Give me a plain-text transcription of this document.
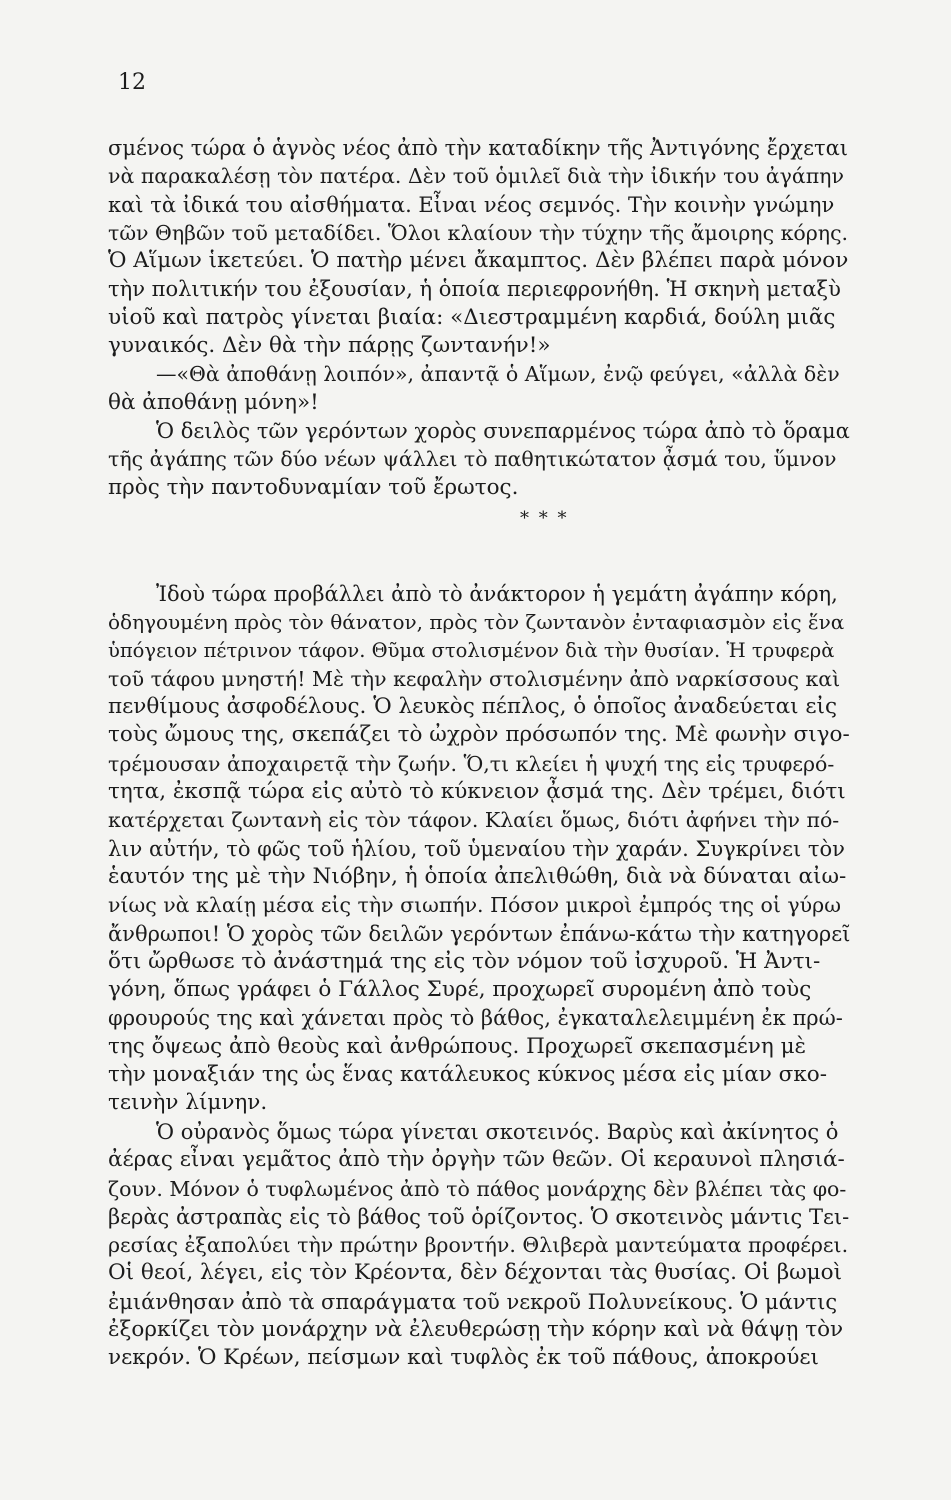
12
σμένος τώρα ὁ ἁγνὸς νέος ἀπὸ τὴν καταδίκην τῆς Ἀντιγόνης ἔρχεται
νὰ παρακαλέσῃ τὸν πατέρα. Δὲν τοῦ ὁμιλεῖ διὰ τὴν ἰδικήν του ἀγάπην
καὶ τὰ ἰδικά του αἰσθήματα. Εἶναι νέος σεμνός. Τὴν κοινὴν γνώμην
τῶν Θηβῶν τοῦ μεταδίδει. Ὅλοι κλαίουν τὴν τύχην τῆς ἄμοιρης κόρης.
Ὁ Αἵμων ἱκετεύει. Ὁ πατὴρ μένει ἄκαμπτος. Δὲν βλέπει παρὰ μόνον
τὴν πολιτικήν του ἐξουσίαν, ἡ ὁποία περιεφρονήθη. Ἡ σκηνὴ μεταξὺ
υἱοῦ καὶ πατρὸς γίνεται βιαία: «Διεστραμμένη καρδιά, δούλη μιᾶς
γυναικός. Δὲν θὰ τὴν πάρῃς ζωντανήν!»
—«Θὰ ἀποθάνῃ λοιπόν», ἀπαντᾷ ὁ Αἵμων, ἐνῷ φεύγει, «ἀλλὰ δὲν
θὰ ἀποθάνῃ μόνη»!
Ὁ δειλὸς τῶν γερόντων χορὸς συνεπαρμένος τώρα ἀπὸ τὸ ὅραμα
τῆς ἀγάπης τῶν δύο νέων ψάλλει τὸ παθητικώτατον ᾆσμά του, ὕμνον
πρὸς τὴν παντοδυναμίαν τοῦ ἔρωτος.
* * *
Ἰδοὺ τώρα προβάλλει ἀπὸ τὸ ἀνάκτορον ἡ γεμάτη ἀγάπην κόρη,
ὁδηγουμένη πρὸς τὸν θάνατον, πρὸς τὸν ζωντανὸν ἐνταφιασμὸν εἰς ἕνα
ὑπόγειον πέτρινον τάφον. Θῦμα στολισμένον διὰ τὴν θυσίαν. Ἡ τρυφερὰ
τοῦ τάφου μνηστή! Μὲ τὴν κεφαλὴν στολισμένην ἀπὸ ναρκίσσους καὶ
πενθίμους ἀσφοδέλους. Ὁ λευκὸς πέπλος, ὁ ὁποῖος ἀναδεύεται εἰς
τοὺς ὤμους της, σκεπάζει τὸ ὠχρὸν πρόσωπόν της. Μὲ φωνὴν σιγο-
τρέμουσαν ἀποχαιρετᾷ τὴν ζωήν. Ὅ,τι κλείει ἡ ψυχή της εἰς τρυφερό-
τητα, ἐκσπᾷ τώρα εἰς αὐτὸ τὸ κύκνειον ᾆσμά της. Δὲν τρέμει, διότι
κατέρχεται ζωντανὴ εἰς τὸν τάφον. Κλαίει ὅμως, διότι ἀφήνει τὴν πό-
λιν αὐτήν, τὸ φῶς τοῦ ἡλίου, τοῦ ὑμεναίου τὴν χαράν. Συγκρίνει τὸν
ἑαυτόν της μὲ τὴν Νιόβην, ἡ ὁποία ἀπελιθώθη, διὰ νὰ δύναται αἰω-
νίως νὰ κλαίῃ μέσα εἰς τὴν σιωπήν. Πόσον μικροὶ ἐμπρός της οἱ γύρω
ἄνθρωποι! Ὁ χορὸς τῶν δειλῶν γερόντων ἐπάνω-κάτω τὴν κατηγορεῖ
ὅτι ὤρθωσε τὸ ἀνάστημά της εἰς τὸν νόμον τοῦ ἰσχυροῦ. Ἡ Ἀντι-
γόνη, ὅπως γράφει ὁ Γάλλος Συρέ, προχωρεῖ συρομένη ἀπὸ τοὺς
φρουρούς της καὶ χάνεται πρὸς τὸ βάθος, ἐγκαταλελειμμένη ἐκ πρώ-
της ὄψεως ἀπὸ θεοὺς καὶ ἀνθρώπους. Προχωρεῖ σκεπασμένη μὲ
τὴν μοναξιάν της ὡς ἕνας κατάλευκος κύκνος μέσα εἰς μίαν σκο-
τεινὴν λίμνην.
Ὁ οὐρανὸς ὅμως τώρα γίνεται σκοτεινός. Βαρὺς καὶ ἀκίνητος ὁ
ἀέρας εἶναι γεμᾶτος ἀπὸ τὴν ὀργὴν τῶν θεῶν. Οἱ κεραυνοὶ πλησιά-
ζουν. Μόνον ὁ τυφλωμένος ἀπὸ τὸ πάθος μονάρχης δὲν βλέπει τὰς φο-
βερὰς ἀστραπὰς εἰς τὸ βάθος τοῦ ὁρίζοντος. Ὁ σκοτεινὸς μάντις Τει-
ρεσίας ἐξαπολύει τὴν πρώτην βροντήν. Θλιβερὰ μαντεύματα προφέρει.
Οἱ θεοί, λέγει, εἰς τὸν Κρέοντα, δὲν δέχονται τὰς θυσίας. Οἱ βωμοὶ
ἐμιάνθησαν ἀπὸ τὰ σπαράγματα τοῦ νεκροῦ Πολυνείκους. Ὁ μάντις
ἐξορκίζει τὸν μονάρχην νὰ ἐλευθερώσῃ τὴν κόρην καὶ νὰ θάψῃ τὸν
νεκρόν. Ὁ Κρέων, πείσμων καὶ τυφλὸς ἐκ τοῦ πάθους, ἀποκρούει
